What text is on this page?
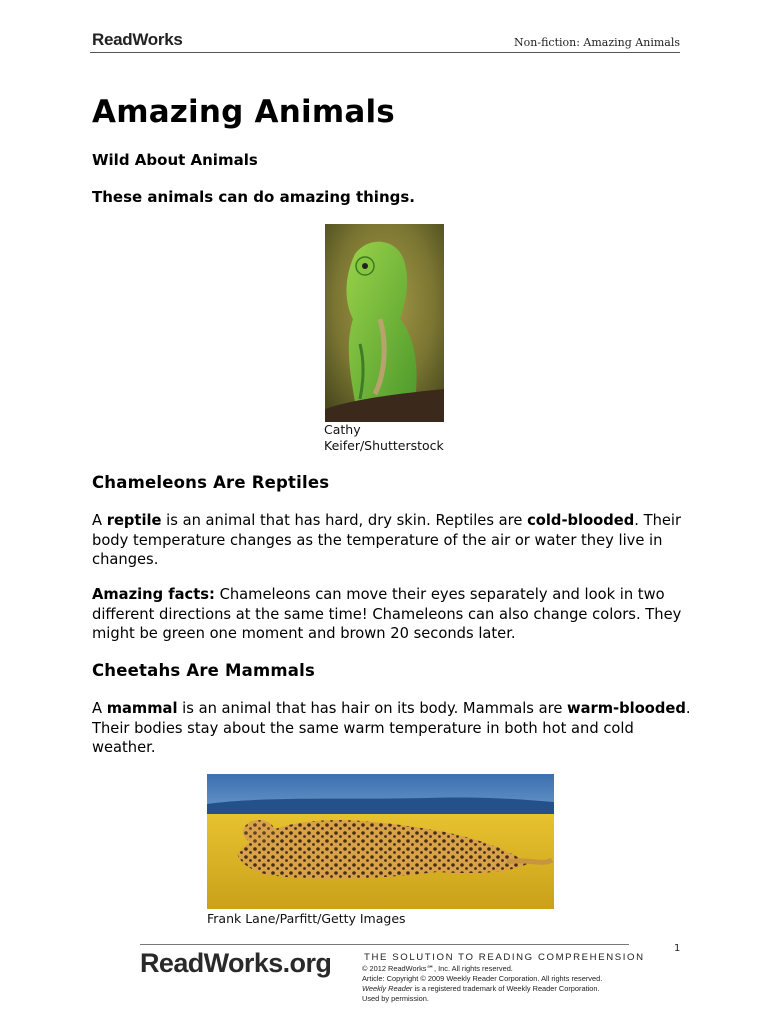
ReadWorks	Non-fiction: Amazing Animals
Amazing Animals
Wild About Animals
These animals can do amazing things.
Cathy
Keifer/Shutterstock
Chameleons Are Reptiles
A reptile is an animal that has hard, dry skin. Reptiles are cold-blooded. Their body temperature changes as the temperature of the air or water they live in changes.
Amazing facts: Chameleons can move their eyes separately and look in two different directions at the same time! Chameleons can also change colors. They might be green one moment and brown 20 seconds later.
Cheetahs Are Mammals
A mammal is an animal that has hair on its body. Mammals are warm-blooded. Their bodies stay about the same warm temperature in both hot and cold weather.
Frank Lane/Parfitt/Getty Images
1
ReadWorks.org	THE SOLUTION TO READING COMPREHENSION
© 2012 ReadWorks℠, Inc. All rights reserved.
Article: Copyright © 2009 Weekly Reader Corporation. All rights reserved.
Weekly Reader is a registered trademark of Weekly Reader Corporation.
Used by permission.
